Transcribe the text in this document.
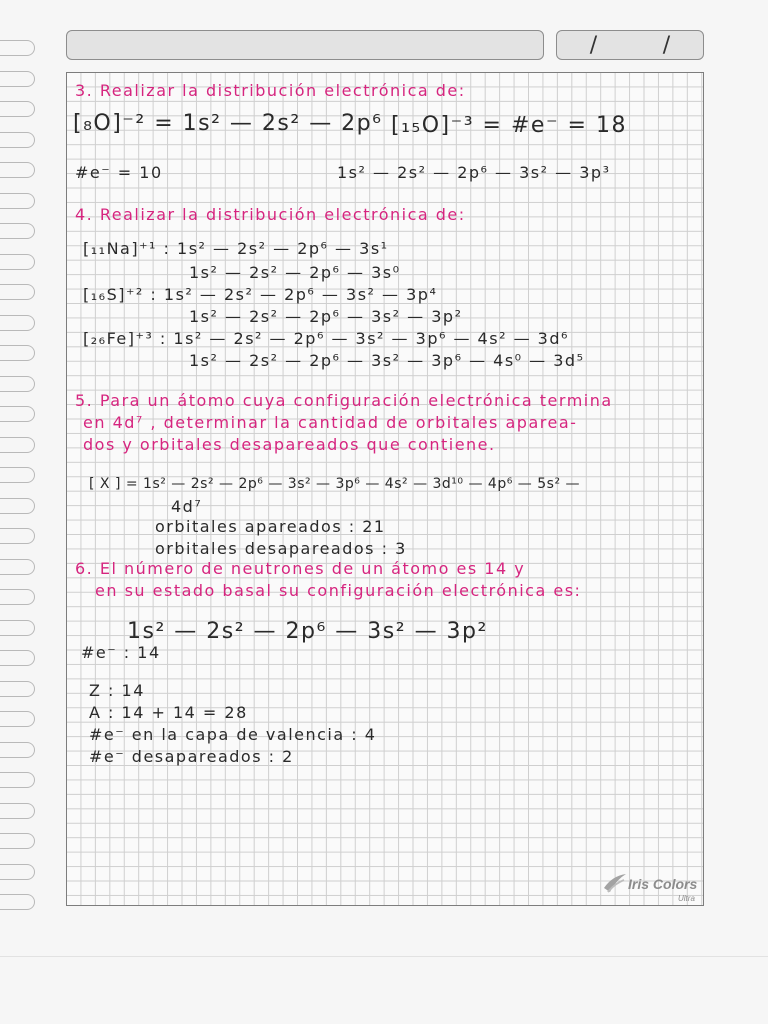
/	/
3. Realizar la distribución electrónica de:
[₈O]⁻² = 1s² — 2s² — 2p⁶
#e⁻ = 10
[₁₅O]⁻³ = #e⁻ = 18
1s² — 2s² — 2p⁶ — 3s² — 3p³
4. Realizar la distribución electrónica de:
[₁₁Na]⁺¹ : 1s² — 2s² — 2p⁶ — 3s¹
1s² — 2s² — 2p⁶ — 3s⁰
[₁₆S]⁺² : 1s² — 2s² — 2p⁶ — 3s² — 3p⁴
1s² — 2s² — 2p⁶ — 3s² — 3p²
[₂₆Fe]⁺³ : 1s² — 2s² — 2p⁶ — 3s² — 3p⁶ — 4s² — 3d⁶
1s² — 2s² — 2p⁶ — 3s² — 3p⁶ — 4s⁰ — 3d⁵
5. Para un átomo cuya configuración electrónica termina
en 4d⁷ , determinar la cantidad de orbitales aparea-
dos y orbitales desapareados que contiene.
[ X ] = 1s² — 2s² — 2p⁶ — 3s² — 3p⁶ — 4s² — 3d¹⁰ — 4p⁶ — 5s² —
4d⁷
orbitales apareados : 21
orbitales desapareados : 3
6. El número de neutrones de un átomo es 14 y
en su estado basal su configuración electrónica es:
1s² — 2s² — 2p⁶ — 3s² — 3p²
#e⁻ : 14
Z : 14
A : 14 + 14 = 28
#e⁻ en la capa de valencia : 4
#e⁻ desapareados : 2
Iris Colors
Ultra
